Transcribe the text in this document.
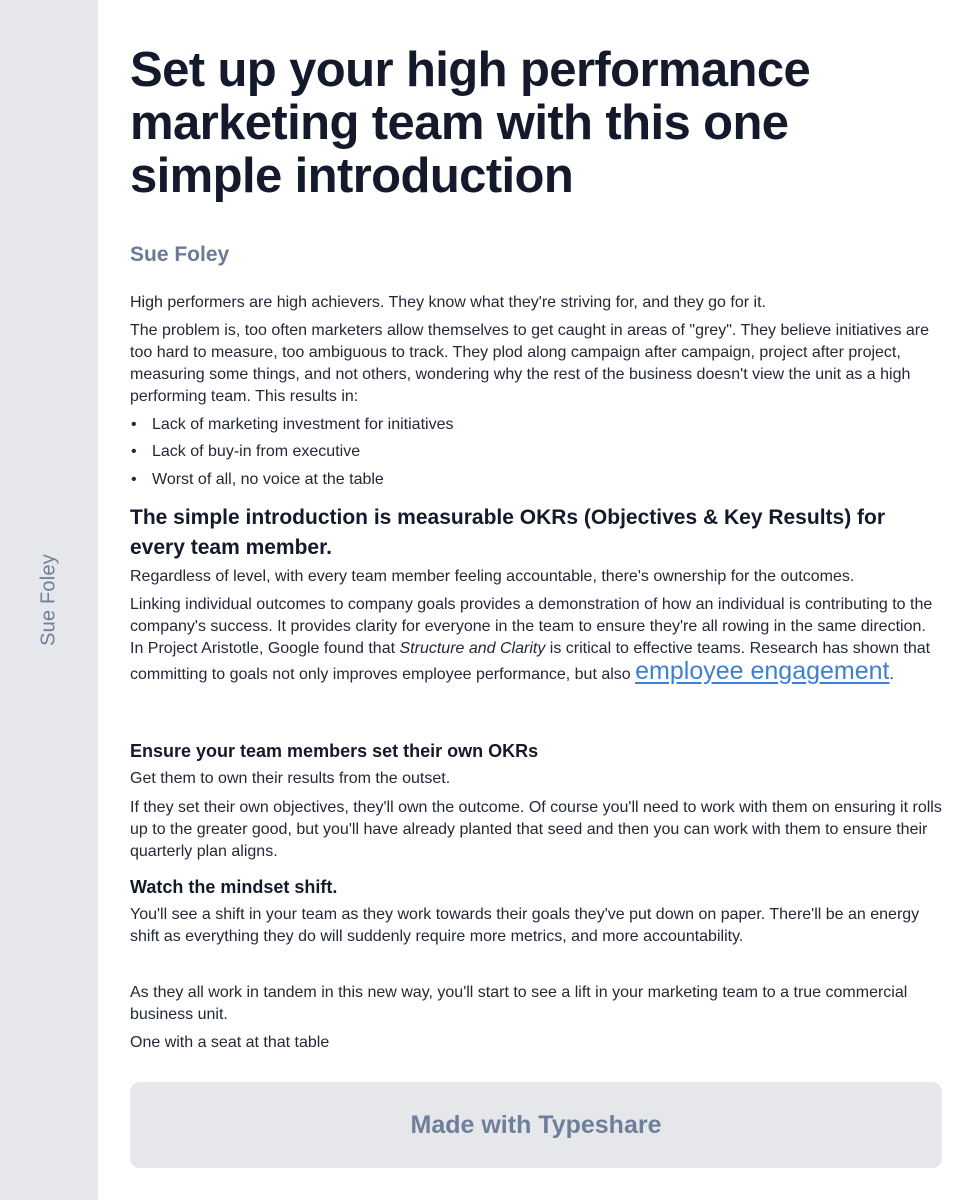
Sue Foley
Set up your high performance marketing team with this one simple introduction
Sue Foley

High performers are high achievers. They know what they're striving for, and they go for it.

The problem is, too often marketers allow themselves to get caught in areas of "grey". They believe initiatives are too hard to measure, too ambiguous to track. They plod along campaign after campaign, project after project, measuring some things, and not others, wondering why the rest of the business doesn't view the unit as a high performing team. This results in:

• Lack of marketing investment for initiatives
• Lack of buy-in from executive
• Worst of all, no voice at the table
The simple introduction is measurable OKRs (Objectives & Key Results) for every team member.

Regardless of level, with every team member feeling accountable, there's ownership for the outcomes.

Linking individual outcomes to company goals provides a demonstration of how an individual is contributing to the company's success. It provides clarity for everyone in the team to ensure they're all rowing in the same direction. In Project Aristotle, Google found that Structure and Clarity is critical to effective teams. Research has shown that committing to goals not only improves employee performance, but also employee engagement.

Ensure your team members set their own OKRs

Get them to own their results from the outset.

If they set their own objectives, they'll own the outcome. Of course you'll need to work with them on ensuring it rolls up to the greater good, but you'll have already planted that seed and then you can work with them to ensure their quarterly plan aligns.

Watch the mindset shift.

You'll see a shift in your team as they work towards their goals they've put down on paper. There'll be an energy shift as everything they do will suddenly require more metrics, and more accountability.

As they all work in tandem in this new way, you'll start to see a lift in your marketing team to a true commercial business unit.

One with a seat at that table

Made with Typeshare
